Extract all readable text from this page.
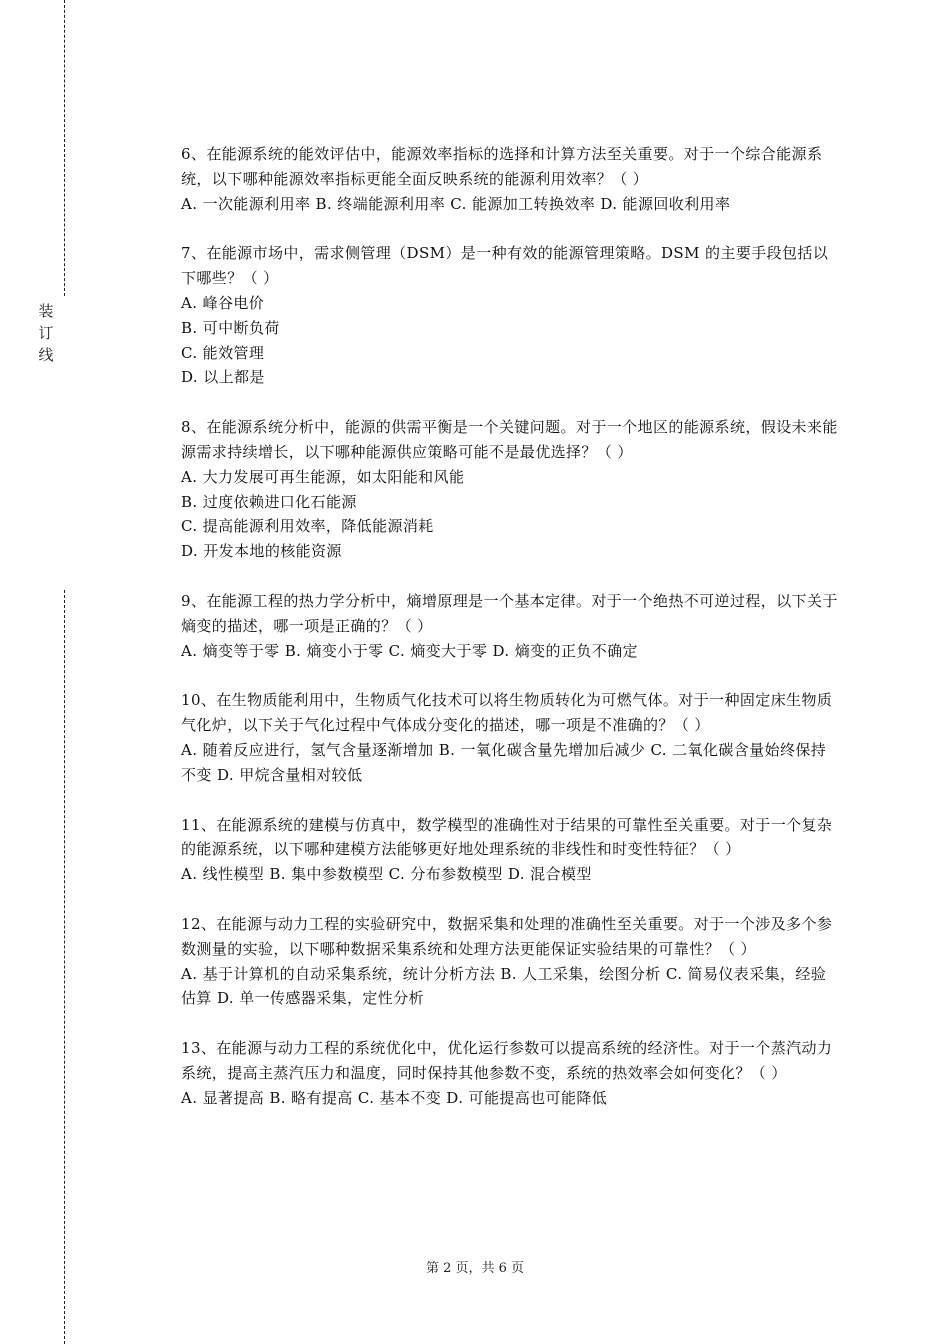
装
订
线
6、在能源系统的能效评估中，能源效率指标的选择和计算方法至关重要。对于一个综合能源系统，以下哪种能源效率指标更能全面反映系统的能源利用效率？（ ）
A. 一次能源利用率 B. 终端能源利用率 C. 能源加工转换效率 D. 能源回收利用率
7、在能源市场中，需求侧管理（DSM）是一种有效的能源管理策略。DSM 的主要手段包括以下哪些？（ ）
A. 峰谷电价
B. 可中断负荷
C. 能效管理
D. 以上都是
8、在能源系统分析中，能源的供需平衡是一个关键问题。对于一个地区的能源系统，假设未来能源需求持续增长，以下哪种能源供应策略可能不是最优选择？（ ）
A. 大力发展可再生能源，如太阳能和风能
B. 过度依赖进口化石能源
C. 提高能源利用效率，降低能源消耗
D. 开发本地的核能资源
9、在能源工程的热力学分析中，熵增原理是一个基本定律。对于一个绝热不可逆过程，以下关于熵变的描述，哪一项是正确的？（ ）
A. 熵变等于零 B. 熵变小于零 C. 熵变大于零 D. 熵变的正负不确定
10、在生物质能利用中，生物质气化技术可以将生物质转化为可燃气体。对于一种固定床生物质气化炉，以下关于气化过程中气体成分变化的描述，哪一项是不准确的？（ ）
A. 随着反应进行，氢气含量逐渐增加 B. 一氧化碳含量先增加后减少 C. 二氧化碳含量始终保持不变 D. 甲烷含量相对较低
11、在能源系统的建模与仿真中，数学模型的准确性对于结果的可靠性至关重要。对于一个复杂的能源系统，以下哪种建模方法能够更好地处理系统的非线性和时变性特征？（ ）
A. 线性模型 B. 集中参数模型 C. 分布参数模型 D. 混合模型
12、在能源与动力工程的实验研究中，数据采集和处理的准确性至关重要。对于一个涉及多个参数测量的实验，以下哪种数据采集系统和处理方法更能保证实验结果的可靠性？（ ）
A. 基于计算机的自动采集系统，统计分析方法 B. 人工采集，绘图分析 C. 简易仪表采集，经验估算 D. 单一传感器采集，定性分析
13、在能源与动力工程的系统优化中，优化运行参数可以提高系统的经济性。对于一个蒸汽动力系统，提高主蒸汽压力和温度，同时保持其他参数不变，系统的热效率会如何变化？（ ）
A. 显著提高 B. 略有提高 C. 基本不变 D. 可能提高也可能降低
第 2 页，共 6 页
